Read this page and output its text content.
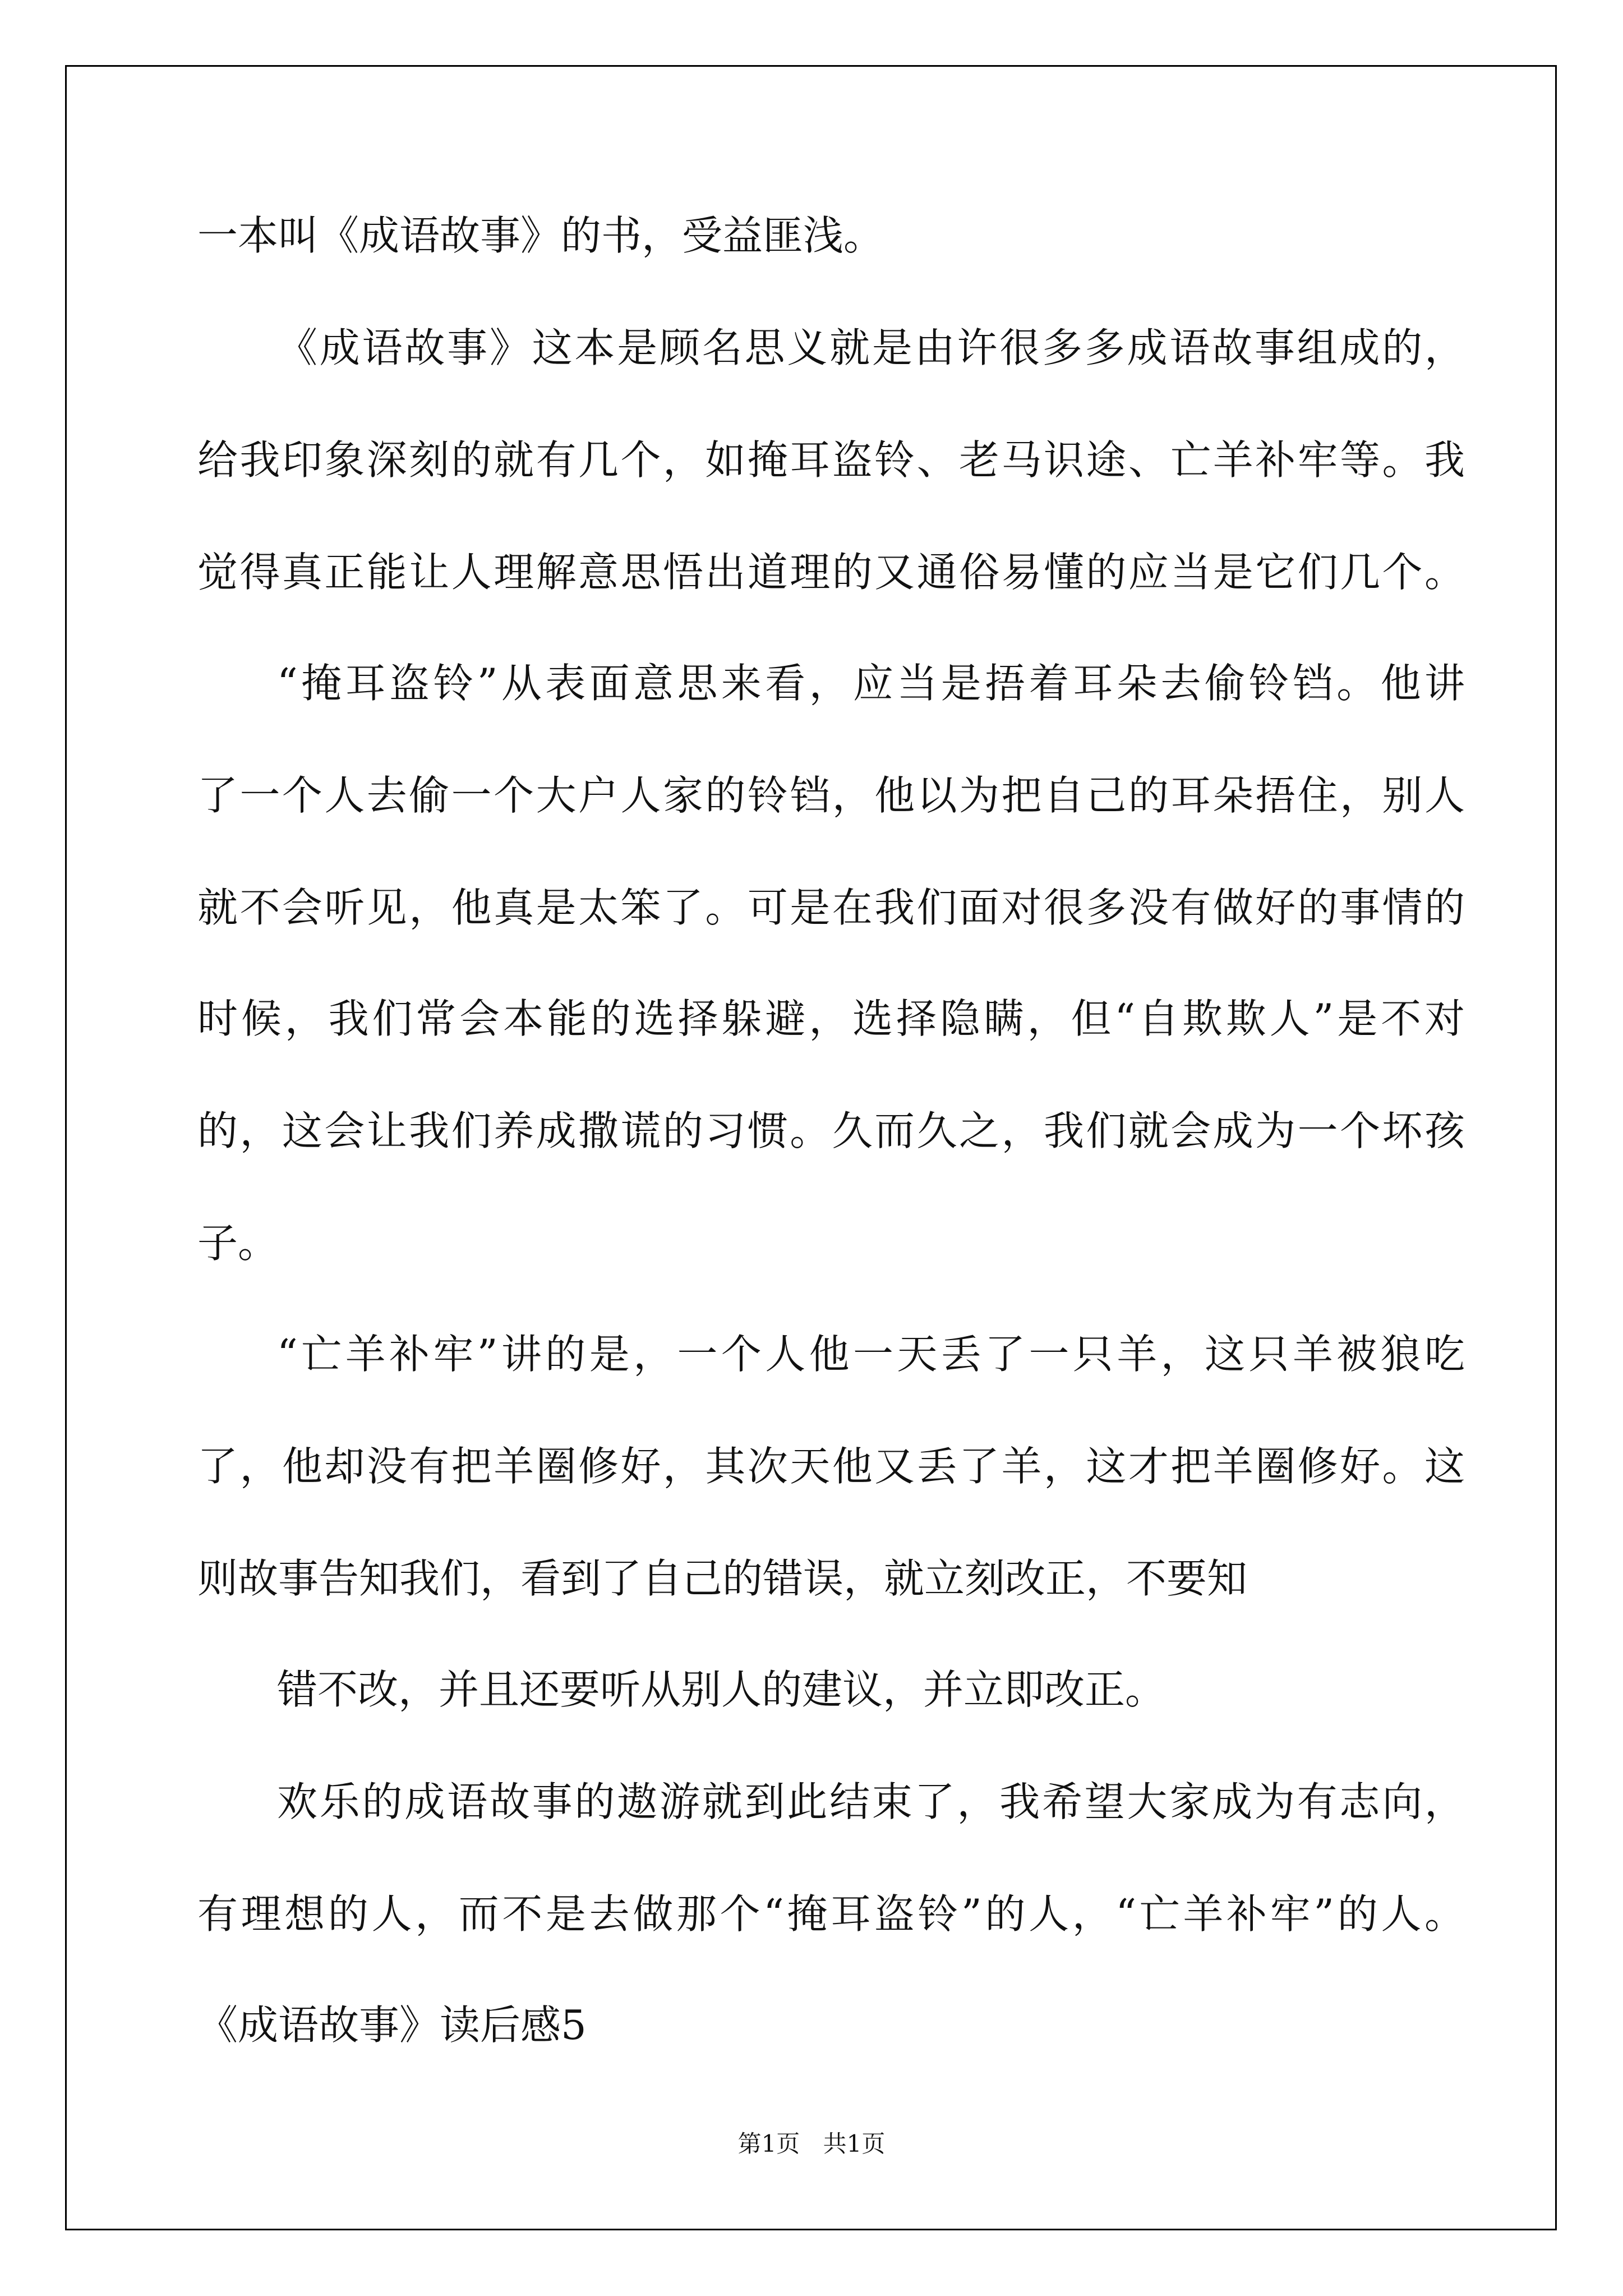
一本叫《成语故事》的书，受益匪浅。

《成语故事》这本是顾名思义就是由许很多多成语故事组成的，

给我印象深刻的就有几个，如掩耳盗铃、老马识途、亡羊补牢等。我

觉得真正能让人理解意思悟出道理的又通俗易懂的应当是它们几个。

“掩耳盗铃”从表面意思来看，应当是捂着耳朵去偷铃铛。他讲

了一个人去偷一个大户人家的铃铛，他以为把自己的耳朵捂住，别人

就不会听见，他真是太笨了。可是在我们面对很多没有做好的事情的

时候，我们常会本能的选择躲避，选择隐瞒，但“自欺欺人”是不对

的，这会让我们养成撒谎的习惯。久而久之，我们就会成为一个坏孩

子。

“亡羊补牢”讲的是，一个人他一天丢了一只羊，这只羊被狼吃

了，他却没有把羊圈修好，其次天他又丢了羊，这才把羊圈修好。这

则故事告知我们，看到了自己的错误，就立刻改正，不要知

错不改，并且还要听从别人的建议，并立即改正。

欢乐的成语故事的遨游就到此结束了，我希望大家成为有志向，

有理想的人，而不是去做那个“掩耳盗铃”的人，“亡羊补牢”的人。

《成语故事》读后感5

第1页 共1页
